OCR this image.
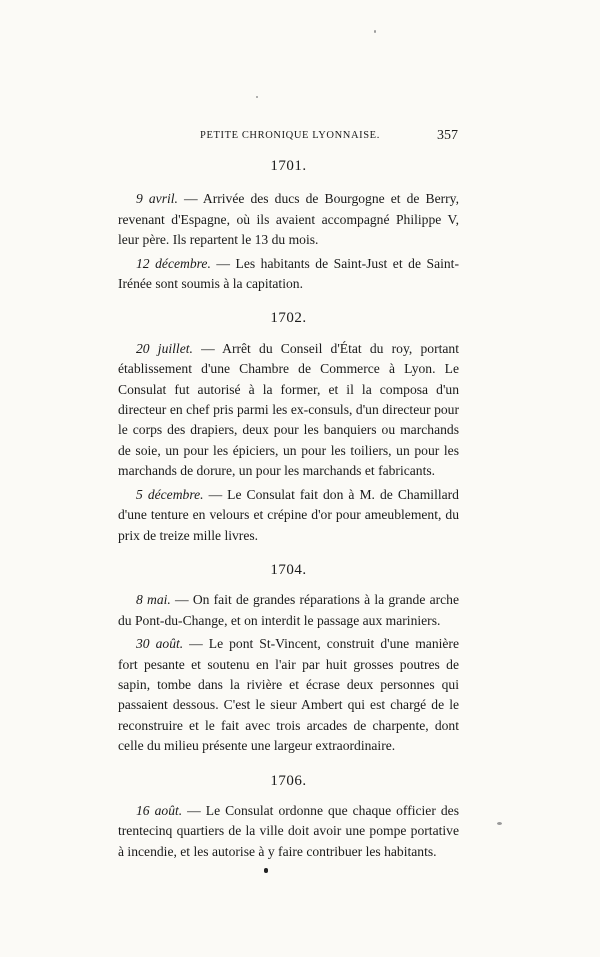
PETITE CHRONIQUE LYONNAISE.	357
1701.

9 avril. — Arrivée des ducs de Bourgogne et de Berry, revenant d'Espagne, où ils avaient accompagné Philippe V, leur père. Ils repartent le 13 du mois.

12 décembre. — Les habitants de Saint-Just et de Saint-Irénée sont soumis à la capitation.

1702.

20 juillet. — Arrêt du Conseil d'État du roy, portant établissement d'une Chambre de Commerce à Lyon. Le Consulat fut autorisé à la former, et il la composa d'un directeur en chef pris parmi les ex-consuls, d'un directeur pour le corps des drapiers, deux pour les banquiers ou marchands de soie, un pour les épiciers, un pour les toiliers, un pour les marchands de dorure, un pour les marchands et fabricants.

5 décembre. — Le Consulat fait don à M. de Chamillard d'une tenture en velours et crépine d'or pour ameublement, du prix de treize mille livres.

1704.

8 mai. — On fait de grandes réparations à la grande arche du Pont-du-Change, et on interdit le passage aux mariniers.

30 août. — Le pont St-Vincent, construit d'une manière fort pesante et soutenu en l'air par huit grosses poutres de sapin, tombe dans la rivière et écrase deux personnes qui passaient dessous. C'est le sieur Ambert qui est chargé de le reconstruire et le fait avec trois arcades de charpente, dont celle du milieu présente une largeur extraordinaire.

1706.

16 août. — Le Consulat ordonne que chaque officier des trentecinq quartiers de la ville doit avoir une pompe portative à incendie, et les autorise à y faire contribuer les habitants.
